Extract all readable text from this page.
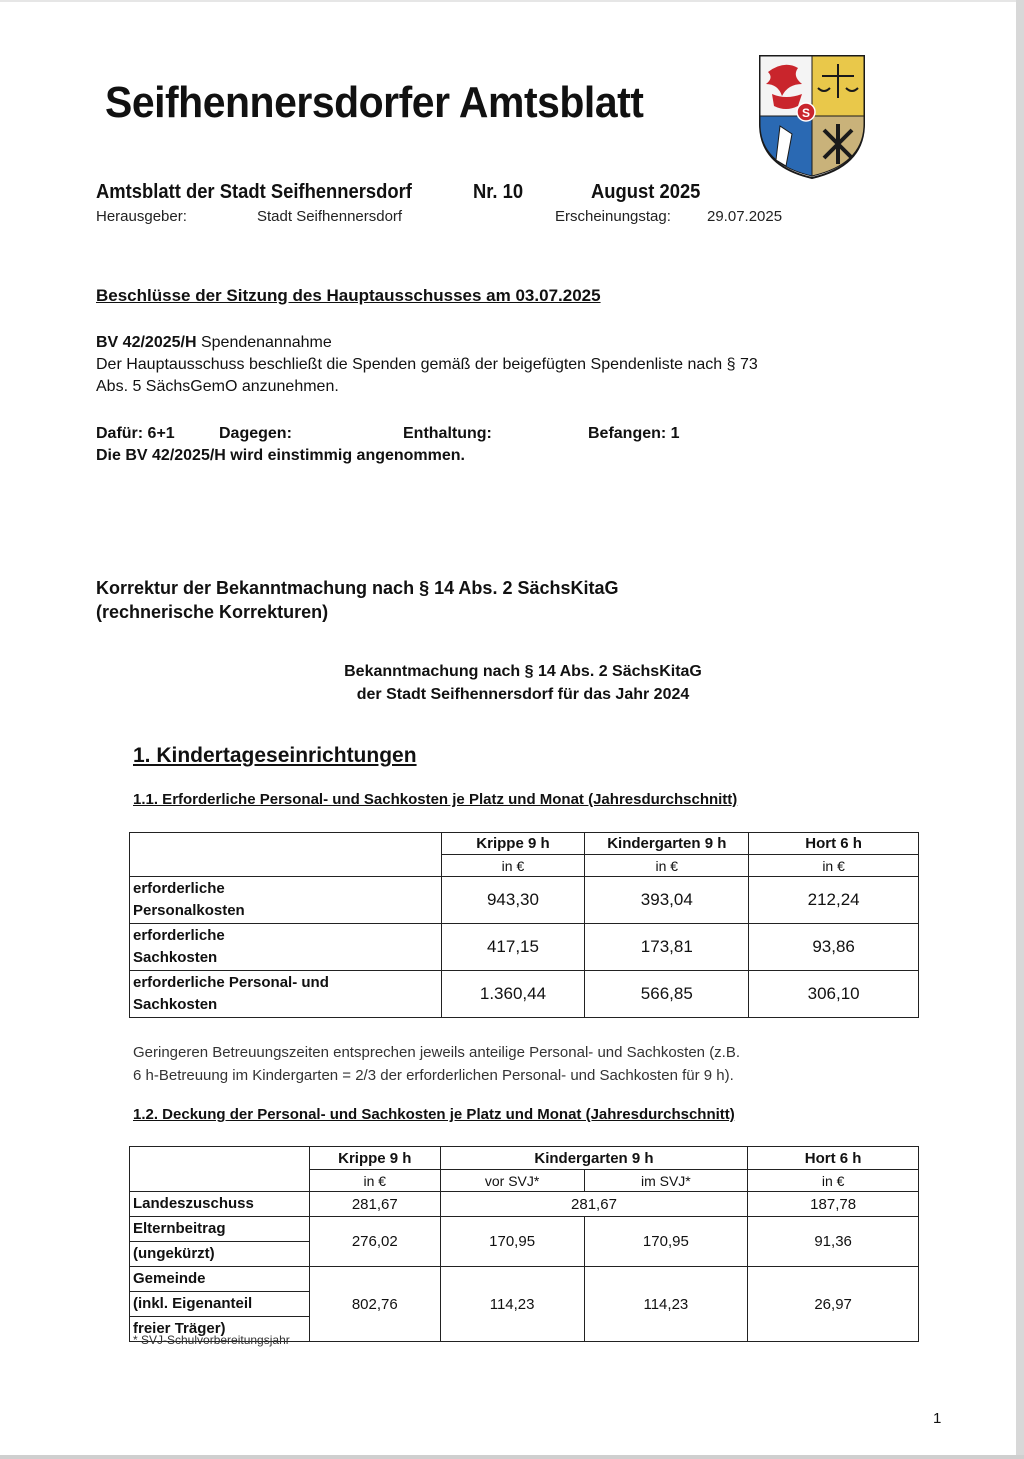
Seifhennersdorfer Amtsblatt	S
Amtsblatt der Stadt Seifhennersdorf	Nr. 10	August 2025
Herausgeber:	Stadt Seifhennersdorf	Erscheinungstag: 29.07.2025
Beschlüsse der Sitzung des Hauptausschusses am 03.07.2025
BV 42/2025/H Spendenannahme
Der Hauptausschuss beschließt die Spenden gemäß der beigefügten Spendenliste nach § 73
Abs. 5 SächsGemO anzunehmen.
Dafür: 6+1	Dagegen:	Enthaltung:	Befangen: 1
Die BV 42/2025/H wird einstimmig angenommen.
Korrektur der Bekanntmachung nach § 14 Abs. 2 SächsKitaG
(rechnerische Korrekturen)
Bekanntmachung nach § 14 Abs. 2 SächsKitaG
der Stadt Seifhennersdorf für das Jahr 2024
1. Kindertageseinrichtungen
1.1. Erforderliche Personal- und Sachkosten je Platz und Monat (Jahresdurchschnitt)
	Krippe 9 h	Kindergarten 9 h	Hort 6 h
	in €	in €	in €
erforderliche
Personalkosten	943,30	393,04	212,24
erforderliche
Sachkosten	417,15	173,81	93,86
erforderliche Personal- und
Sachkosten	1.360,44	566,85	306,10
Geringeren Betreuungszeiten entsprechen jeweils anteilige Personal- und Sachkosten (z.B.
6 h-Betreuung im Kindergarten = 2/3 der erforderlichen Personal- und Sachkosten für 9 h).
1.2. Deckung der Personal- und Sachkosten je Platz und Monat (Jahresdurchschnitt)
	Krippe 9 h	Kindergarten 9 h		Hort 6 h
	in €	vor SVJ*	im SVJ*	in €
Landeszuschuss	281,67	281,67		187,78
Elternbeitrag	276,02	170,95	170,95	91,36
(ungekürzt)				
Gemeinde	802,76	114,23	114,23	26,97
(inkl. Eigenanteil				
freier Träger)				
* SVJ-Schulvorbereitungsjahr
1
